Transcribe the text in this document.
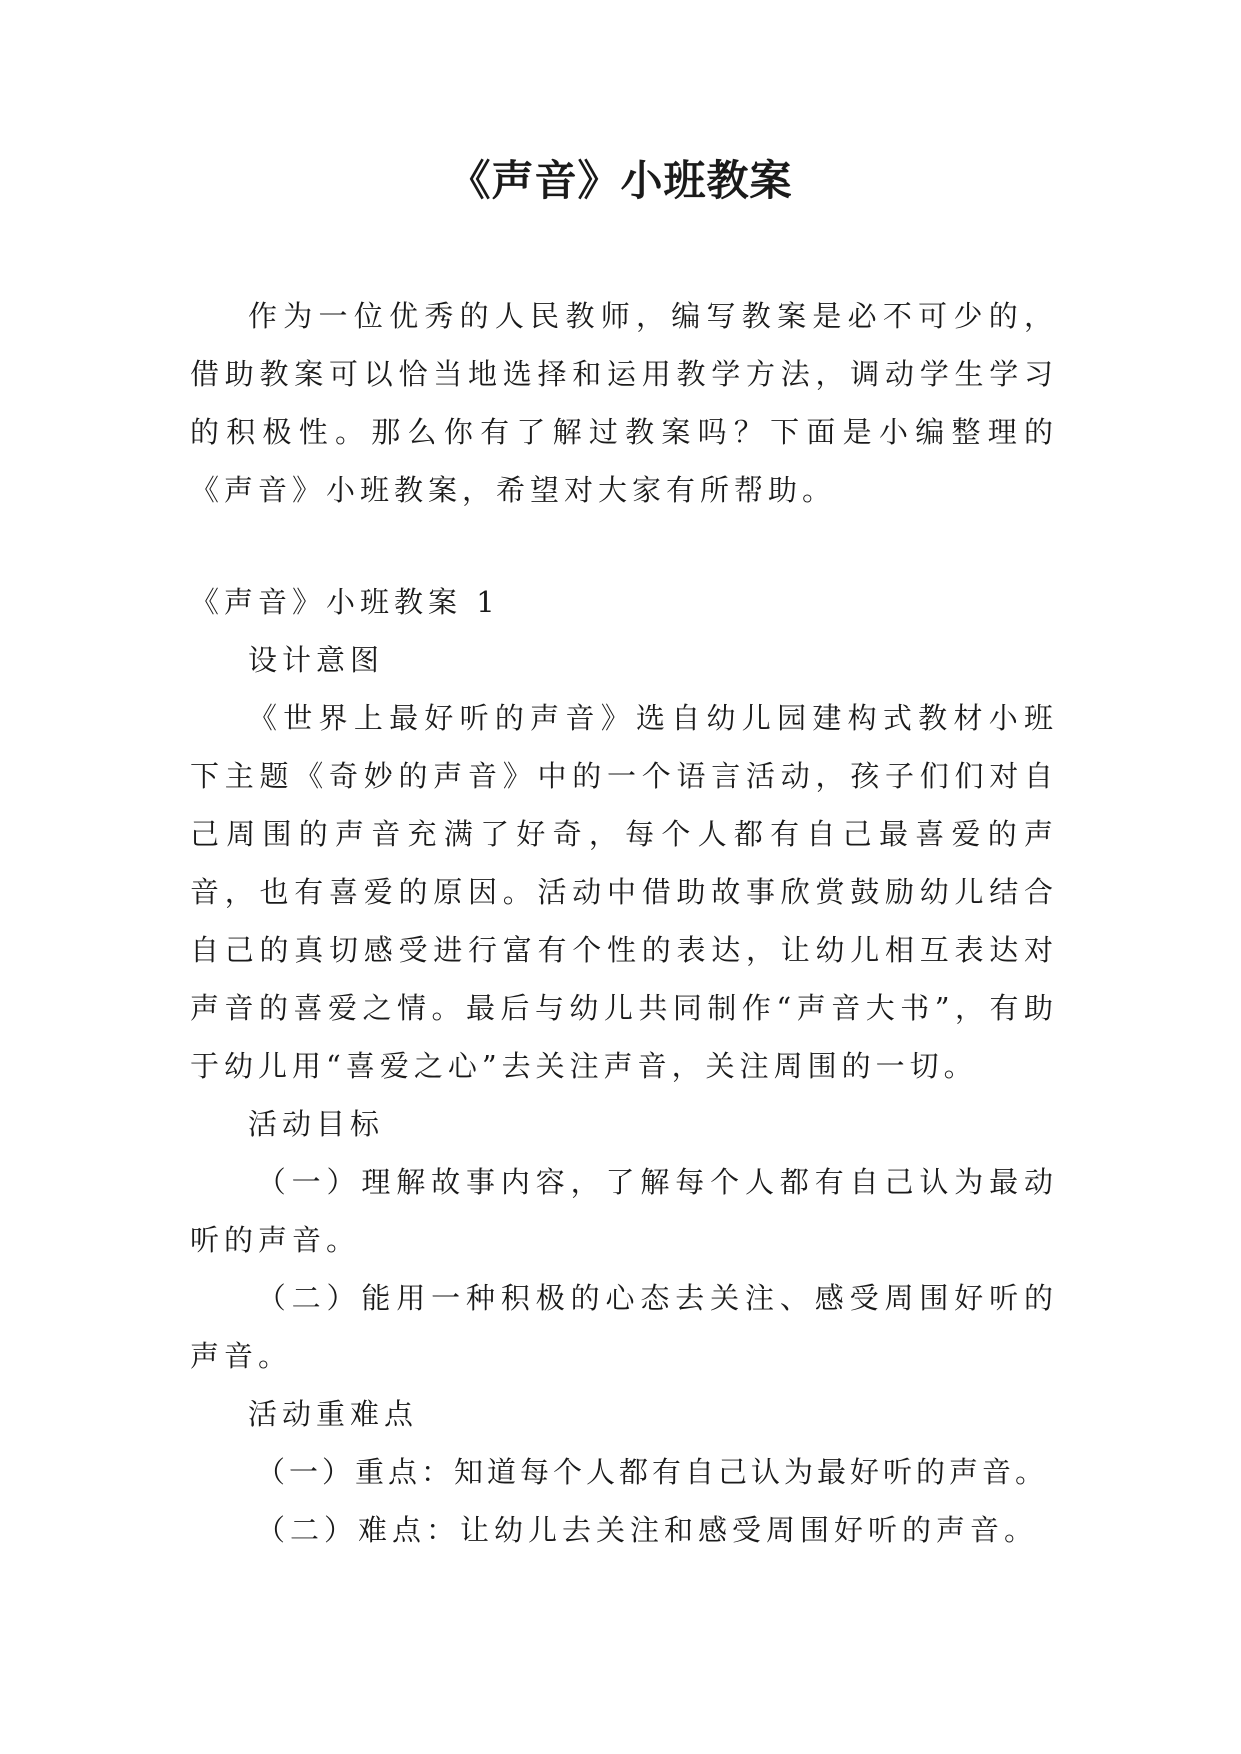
《声音》小班教案

作为一位优秀的人民教师，编写教案是必不可少的，借助教案可以恰当地选择和运用教学方法，调动学生学习的积极性。那么你有了解过教案吗？下面是小编整理的《声音》小班教案，希望对大家有所帮助。

《声音》小班教案 1

设计意图

《世界上最好听的声音》选自幼儿园建构式教材小班下主题《奇妙的声音》中的一个语言活动，孩子们们对自己周围的声音充满了好奇，每个人都有自己最喜爱的声音，也有喜爱的原因。活动中借助故事欣赏鼓励幼儿结合自己的真切感受进行富有个性的表达，让幼儿相互表达对声音的喜爱之情。最后与幼儿共同制作“声音大书”，有助于幼儿用“喜爱之心”去关注声音，关注周围的一切。

活动目标

（一）理解故事内容，了解每个人都有自己认为最动听的声音。

（二）能用一种积极的心态去关注、感受周围好听的声音。

活动重难点

（一）重点：知道每个人都有自己认为最好听的声音。

（二）难点：让幼儿去关注和感受周围好听的声音。
